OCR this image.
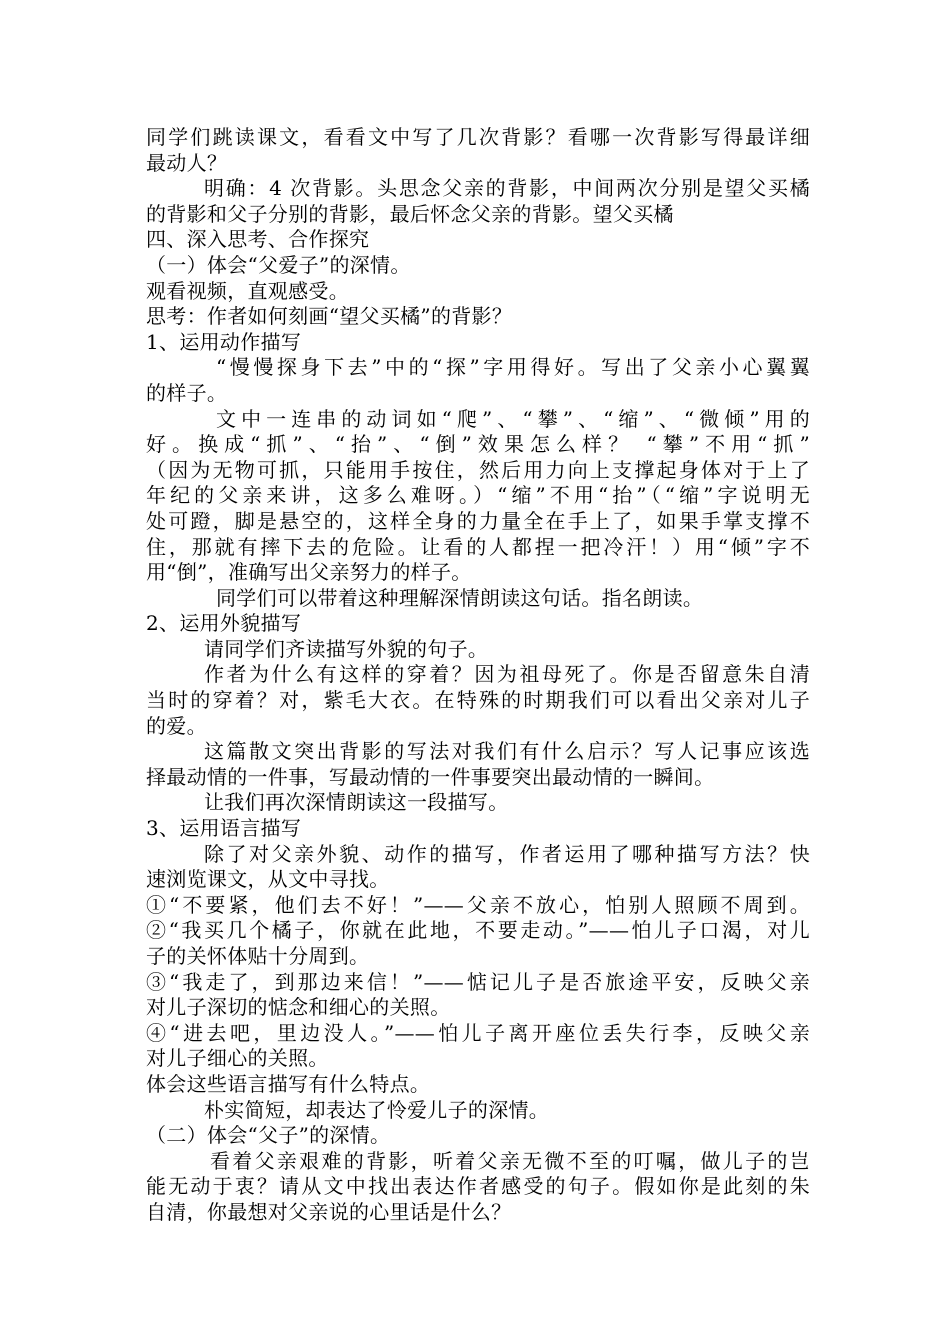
同学们跳读课文，看看文中写了几次背影？看哪一次背影写得最详细
最动人？
明确：4 次背影。头思念父亲的背影，中间两次分别是望父买橘
的背影和父子分别的背影，最后怀念父亲的背影。望父买橘
四、深入思考、合作探究
（一）体会“父爱子”的深情。
观看视频，直观感受。
思考：作者如何刻画“望父买橘”的背影？
1、运用动作描写
“慢慢探身下去”中的“探”字用得好。写出了父亲小心翼翼
的样子。
文中一连串的动词如“爬”、“攀”、“缩”、“微倾”用的
好。换成“抓”、“抬”、“倒”效果怎么样？ “攀”不用“抓”
（因为无物可抓，只能用手按住，然后用力向上支撑起身体对于上了
年纪的父亲来讲，这多么难呀。）“缩”不用“抬”（“缩”字说明无
处可蹬，脚是悬空的，这样全身的力量全在手上了，如果手掌支撑不
住，那就有摔下去的危险。让看的人都捏一把冷汗！）用“倾”字不
用“倒”，准确写出父亲努力的样子。
同学们可以带着这种理解深情朗读这句话。指名朗读。
2、运用外貌描写
请同学们齐读描写外貌的句子。
作者为什么有这样的穿着？因为祖母死了。你是否留意朱自清
当时的穿着？对，紫毛大衣。在特殊的时期我们可以看出父亲对儿子
的爱。
这篇散文突出背影的写法对我们有什么启示？写人记事应该选
择最动情的一件事，写最动情的一件事要突出最动情的一瞬间。
让我们再次深情朗读这一段描写。
3、运用语言描写
除了对父亲外貌、动作的描写，作者运用了哪种描写方法？快
速浏览课文，从文中寻找。
①“不要紧，他们去不好！”——父亲不放心，怕别人照顾不周到。
②“我买几个橘子，你就在此地，不要走动。”——怕儿子口渴，对儿
子的关怀体贴十分周到。
③“我走了，到那边来信！”——惦记儿子是否旅途平安，反映父亲
对儿子深切的惦念和细心的关照。
④“进去吧，里边没人。”——怕儿子离开座位丢失行李，反映父亲
对儿子细心的关照。
体会这些语言描写有什么特点。
朴实简短，却表达了怜爱儿子的深情。
（二）体会“父子”的深情。
看着父亲艰难的背影，听着父亲无微不至的叮嘱，做儿子的岂
能无动于衷？请从文中找出表达作者感受的句子。假如你是此刻的朱
自清，你最想对父亲说的心里话是什么？
